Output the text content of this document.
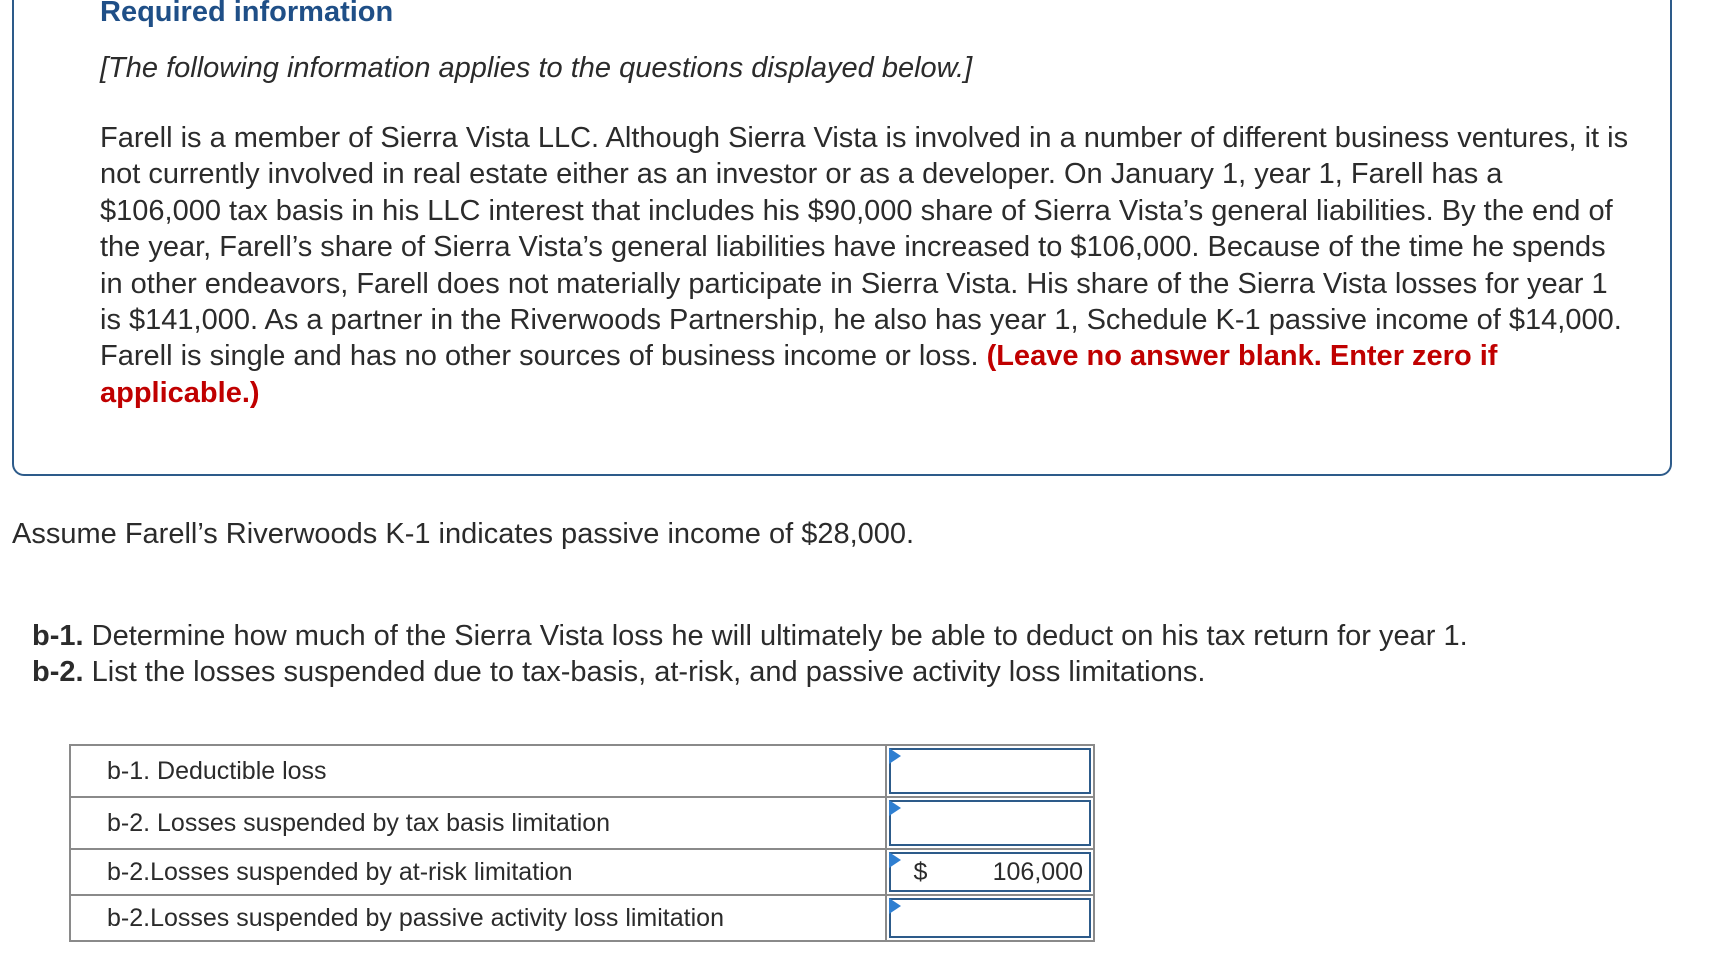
Required information

[The following information applies to the questions displayed below.]

Farell is a member of Sierra Vista LLC. Although Sierra Vista is involved in a number of different business ventures, it is not currently involved in real estate either as an investor or as a developer. On January 1, year 1, Farell has a $106,000 tax basis in his LLC interest that includes his $90,000 share of Sierra Vista’s general liabilities. By the end of the year, Farell’s share of Sierra Vista’s general liabilities have increased to $106,000. Because of the time he spends in other endeavors, Farell does not materially participate in Sierra Vista. His share of the Sierra Vista losses for year 1 is $141,000. As a partner in the Riverwoods Partnership, he also has year 1, Schedule K-1 passive income of $14,000. Farell is single and has no other sources of business income or loss. (Leave no answer blank. Enter zero if applicable.)

Assume Farell’s Riverwoods K-1 indicates passive income of $28,000.

b-1. Determine how much of the Sierra Vista loss he will ultimately be able to deduct on his tax return for year 1.
b-2. List the losses suspended due to tax-basis, at-risk, and passive activity loss limitations.

b-1. Deductible loss	

b-2. Losses suspended by tax basis limitation	

b-2.Losses suspended by at-risk limitation	$ 106,000

b-2.Losses suspended by passive activity loss limitation	
